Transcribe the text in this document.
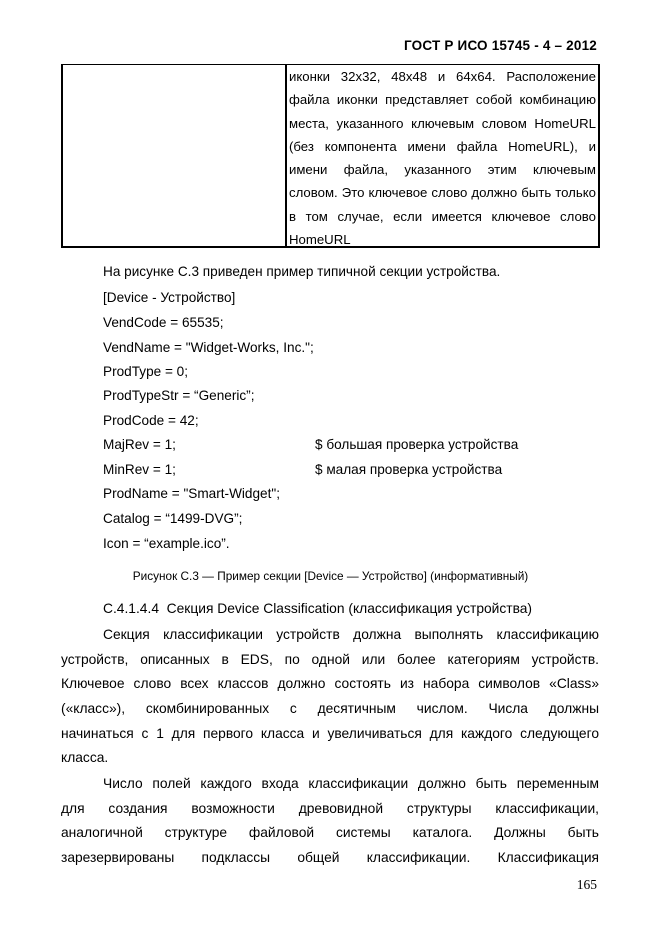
ГОСТ Р ИСО 15745 - 4 – 2012
иконки 32x32, 48x48 и 64x64. Расположение
файла иконки представляет собой комбинацию
места, указанного ключевым словом HomeURL
(без компонента имени файла HomeURL), и
имени файла, указанного этим ключевым
словом. Это ключевое слово должно быть только
в том случае, если имеется ключевое слово
HomeURL
На рисунке С.3 приведен пример типичной секции устройства.
[Device - Устройство]
VendCode = 65535;
VendName = "Widget-Works, Inc.";
ProdType = 0;
ProdTypeStr = “Generic”;
ProdCode = 42;
MajRev = 1;	$ большая проверка устройства
MinRev = 1;	$ малая проверка устройства
ProdName = "Smart-Widget";
Catalog = “1499-DVG”;
Icon = “example.ico”.
Рисунок С.3 — Пример секции [Device — Устройство] (информативный)
С.4.1.4.4  Секция Device Classification (классификация устройства)
Секция классификации устройств должна выполнять классификацию
устройств, описанных в EDS, по одной или более категориям устройств.
Ключевое слово всех классов должно состоять из набора символов «Class»
(«класс»), скомбинированных с десятичным числом. Числа должны
начинаться с 1 для первого класса и увеличиваться для каждого следующего
класса.
Число полей каждого входа классификации должно быть переменным
для создания возможности древовидной структуры классификации,
аналогичной структуре файловой системы каталога. Должны быть
зарезервированы подклассы общей классификации. Классификация
165
